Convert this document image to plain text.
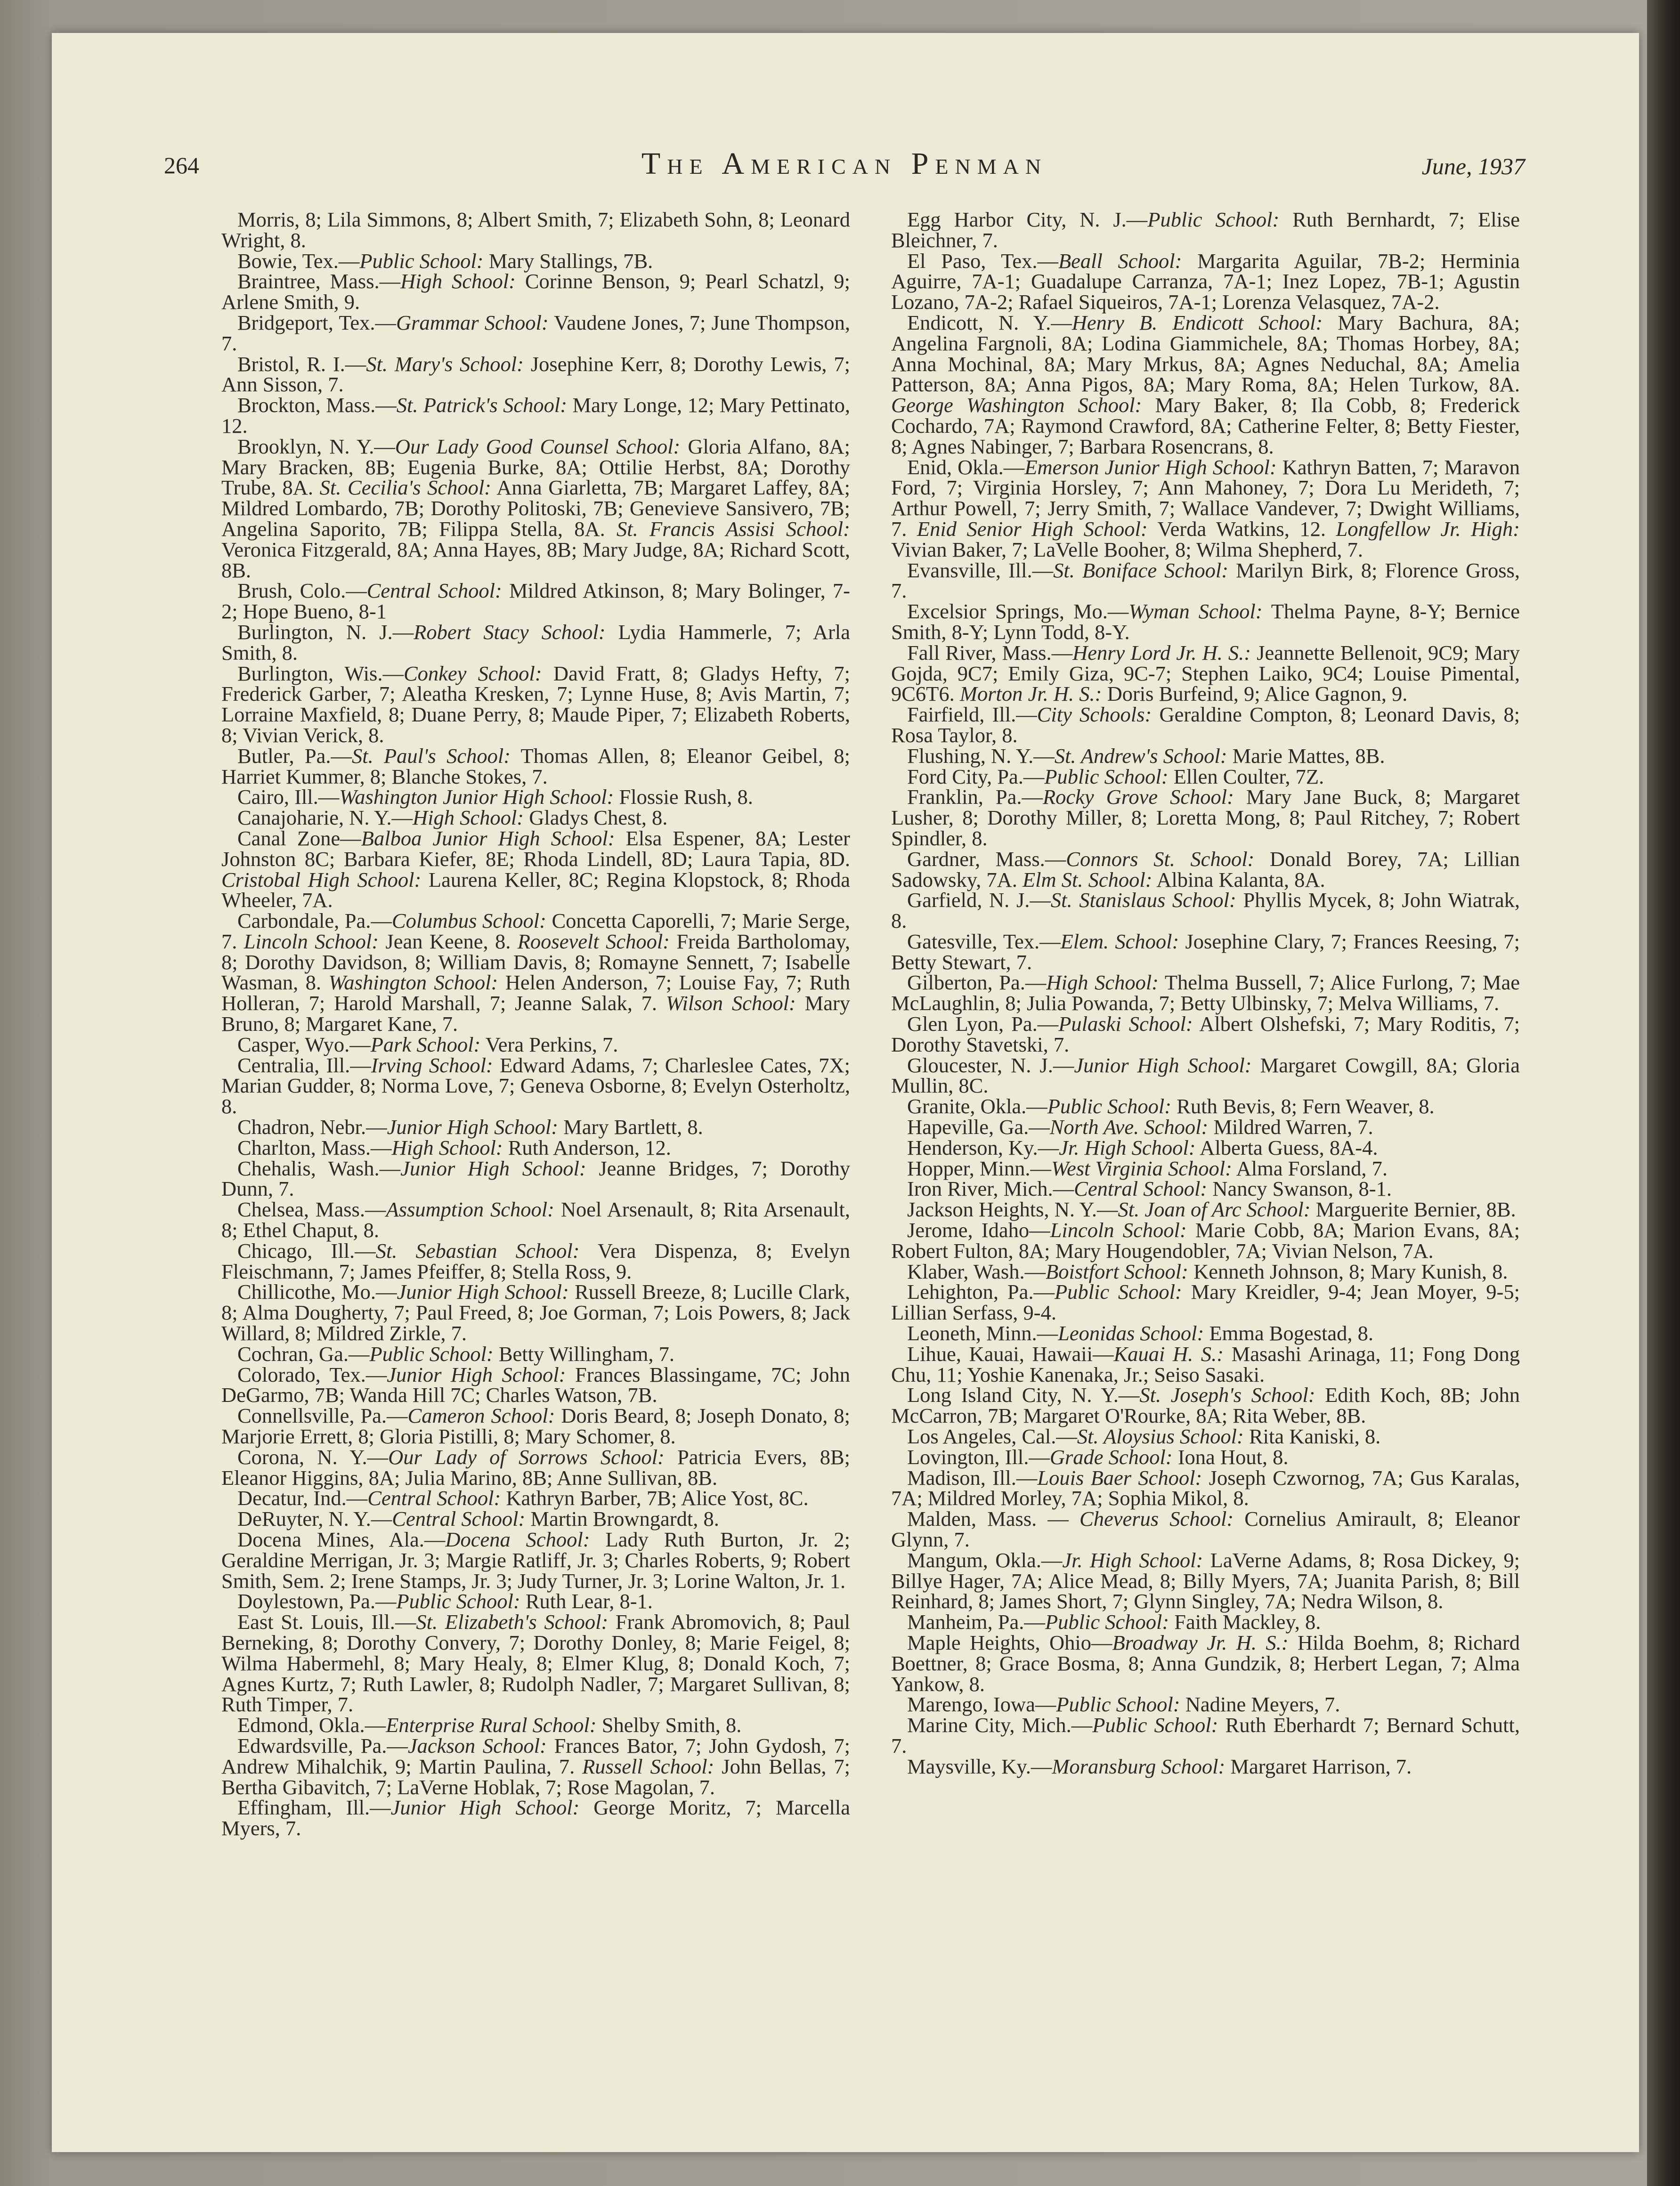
264	The American Penman	June, 1937

Morris, 8; Lila Simmons, 8; Albert Smith, 7; Elizabeth Sohn, 8; Leonard Wright, 8.

Bowie, Tex.—Public School: Mary Stallings, 7B.

Braintree, Mass.—High School: Corinne Benson, 9; Pearl Schatzl, 9; Arlene Smith, 9.

Bridgeport, Tex.—Grammar School: Vaudene Jones, 7; June Thompson, 7.

Bristol, R. I.—St. Mary's School: Josephine Kerr, 8; Dorothy Lewis, 7; Ann Sisson, 7.

Brockton, Mass.—St. Patrick's School: Mary Longe, 12; Mary Pettinato, 12.

Brooklyn, N. Y.—Our Lady Good Counsel School: Gloria Alfano, 8A; Mary Bracken, 8B; Eugenia Burke, 8A; Ottilie Herbst, 8A; Dorothy Trube, 8A. St. Cecilia's School: Anna Giarletta, 7B; Margaret Laffey, 8A; Mildred Lombardo, 7B; Dorothy Politoski, 7B; Genevieve Sansivero, 7B; Angelina Saporito, 7B; Filippa Stella, 8A. St. Francis Assisi School: Veronica Fitzgerald, 8A; Anna Hayes, 8B; Mary Judge, 8A; Richard Scott, 8B.

Brush, Colo.—Central School: Mildred Atkinson, 8; Mary Bolinger, 7-2; Hope Bueno, 8-1

Burlington, N. J.—Robert Stacy School: Lydia Hammerle, 7; Arla Smith, 8.

Burlington, Wis.—Conkey School: David Fratt, 8; Gladys Hefty, 7; Frederick Garber, 7; Aleatha Kresken, 7; Lynne Huse, 8; Avis Martin, 7; Lorraine Maxfield, 8; Duane Perry, 8; Maude Piper, 7; Elizabeth Roberts, 8; Vivian Verick, 8.

Butler, Pa.—St. Paul's School: Thomas Allen, 8; Eleanor Geibel, 8; Harriet Kummer, 8; Blanche Stokes, 7.

Cairo, Ill.—Washington Junior High School: Flossie Rush, 8.

Canajoharie, N. Y.—High School: Gladys Chest, 8.

Canal Zone—Balboa Junior High School: Elsa Espener, 8A; Lester Johnston 8C; Barbara Kiefer, 8E; Rhoda Lindell, 8D; Laura Tapia, 8D. Cristobal High School: Laurena Keller, 8C; Regina Klopstock, 8; Rhoda Wheeler, 7A.

Carbondale, Pa.—Columbus School: Concetta Caporelli, 7; Marie Serge, 7. Lincoln School: Jean Keene, 8. Roosevelt School: Freida Bartholomay, 8; Dorothy Davidson, 8; William Davis, 8; Romayne Sennett, 7; Isabelle Wasman, 8. Washington School: Helen Anderson, 7; Louise Fay, 7; Ruth Holleran, 7; Harold Marshall, 7; Jeanne Salak, 7. Wilson School: Mary Bruno, 8; Margaret Kane, 7.

Casper, Wyo.—Park School: Vera Perkins, 7.

Centralia, Ill.—Irving School: Edward Adams, 7; Charleslee Cates, 7X; Marian Gudder, 8; Norma Love, 7; Geneva Osborne, 8; Evelyn Osterholtz, 8.

Chadron, Nebr.—Junior High School: Mary Bartlett, 8.

Charlton, Mass.—High School: Ruth Anderson, 12.

Chehalis, Wash.—Junior High School: Jeanne Bridges, 7; Dorothy Dunn, 7.

Chelsea, Mass.—Assumption School: Noel Arsenault, 8; Rita Arsenault, 8; Ethel Chaput, 8.

Chicago, Ill.—St. Sebastian School: Vera Dispenza, 8; Evelyn Fleischmann, 7; James Pfeiffer, 8; Stella Ross, 9.

Chillicothe, Mo.—Junior High School: Russell Breeze, 8; Lucille Clark, 8; Alma Dougherty, 7; Paul Freed, 8; Joe Gorman, 7; Lois Powers, 8; Jack Willard, 8; Mildred Zirkle, 7.

Cochran, Ga.—Public School: Betty Willingham, 7.

Colorado, Tex.—Junior High School: Frances Blassingame, 7C; John DeGarmo, 7B; Wanda Hill 7C; Charles Watson, 7B.

Connellsville, Pa.—Cameron School: Doris Beard, 8; Joseph Donato, 8; Marjorie Errett, 8; Gloria Pistilli, 8; Mary Schomer, 8.

Corona, N. Y.—Our Lady of Sorrows School: Patricia Evers, 8B; Eleanor Higgins, 8A; Julia Marino, 8B; Anne Sullivan, 8B.

Decatur, Ind.—Central School: Kathryn Barber, 7B; Alice Yost, 8C.

DeRuyter, N. Y.—Central School: Martin Browngardt, 8.

Docena Mines, Ala.—Docena School: Lady Ruth Burton, Jr. 2; Geraldine Merrigan, Jr. 3; Margie Ratliff, Jr. 3; Charles Roberts, 9; Robert Smith, Sem. 2; Irene Stamps, Jr. 3; Judy Turner, Jr. 3; Lorine Walton, Jr. 1.

Doylestown, Pa.—Public School: Ruth Lear, 8-1.

East St. Louis, Ill.—St. Elizabeth's School: Frank Abromovich, 8; Paul Berneking, 8; Dorothy Convery, 7; Dorothy Donley, 8; Marie Feigel, 8; Wilma Habermehl, 8; Mary Healy, 8; Elmer Klug, 8; Donald Koch, 7; Agnes Kurtz, 7; Ruth Lawler, 8; Rudolph Nadler, 7; Margaret Sullivan, 8; Ruth Timper, 7.

Edmond, Okla.—Enterprise Rural School: Shelby Smith, 8.

Edwardsville, Pa.—Jackson School: Frances Bator, 7; John Gydosh, 7; Andrew Mihalchik, 9; Martin Paulina, 7. Russell School: John Bellas, 7; Bertha Gibavitch, 7; LaVerne Hoblak, 7; Rose Magolan, 7.

Effingham, Ill.—Junior High School: George Moritz, 7; Marcella Myers, 7.

Egg Harbor City, N. J.—Public School: Ruth Bernhardt, 7; Elise Bleichner, 7.

El Paso, Tex.—Beall School: Margarita Aguilar, 7B-2; Herminia Aguirre, 7A-1; Guadalupe Carranza, 7A-1; Inez Lopez, 7B-1; Agustin Lozano, 7A-2; Rafael Siqueiros, 7A-1; Lorenza Velasquez, 7A-2.

Endicott, N. Y.—Henry B. Endicott School: Mary Bachura, 8A; Angelina Fargnoli, 8A; Lodina Giammichele, 8A; Thomas Horbey, 8A; Anna Mochinal, 8A; Mary Mrkus, 8A; Agnes Neduchal, 8A; Amelia Patterson, 8A; Anna Pigos, 8A; Mary Roma, 8A; Helen Turkow, 8A. George Washington School: Mary Baker, 8; Ila Cobb, 8; Frederick Cochardo, 7A; Raymond Crawford, 8A; Catherine Felter, 8; Betty Fiester, 8; Agnes Nabinger, 7; Barbara Rosencrans, 8.

Enid, Okla.—Emerson Junior High School: Kathryn Batten, 7; Maravon Ford, 7; Virginia Horsley, 7; Ann Mahoney, 7; Dora Lu Merideth, 7; Arthur Powell, 7; Jerry Smith, 7; Wallace Vandever, 7; Dwight Williams, 7. Enid Senior High School: Verda Watkins, 12. Longfellow Jr. High: Vivian Baker, 7; LaVelle Booher, 8; Wilma Shepherd, 7.

Evansville, Ill.—St. Boniface School: Marilyn Birk, 8; Florence Gross, 7.

Excelsior Springs, Mo.—Wyman School: Thelma Payne, 8-Y; Bernice Smith, 8-Y; Lynn Todd, 8-Y.

Fall River, Mass.—Henry Lord Jr. H. S.: Jeannette Bellenoit, 9C9; Mary Gojda, 9C7; Emily Giza, 9C-7; Stephen Laiko, 9C4; Louise Pimental, 9C6T6. Morton Jr. H. S.: Doris Burfeind, 9; Alice Gagnon, 9.

Fairfield, Ill.—City Schools: Geraldine Compton, 8; Leonard Davis, 8; Rosa Taylor, 8.

Flushing, N. Y.—St. Andrew's School: Marie Mattes, 8B.

Ford City, Pa.—Public School: Ellen Coulter, 7Z.

Franklin, Pa.—Rocky Grove School: Mary Jane Buck, 8; Margaret Lusher, 8; Dorothy Miller, 8; Loretta Mong, 8; Paul Ritchey, 7; Robert Spindler, 8.

Gardner, Mass.—Connors St. School: Donald Borey, 7A; Lillian Sadowsky, 7A. Elm St. School: Albina Kalanta, 8A.

Garfield, N. J.—St. Stanislaus School: Phyllis Mycek, 8; John Wiatrak, 8.

Gatesville, Tex.—Elem. School: Josephine Clary, 7; Frances Reesing, 7; Betty Stewart, 7.

Gilberton, Pa.—High School: Thelma Bussell, 7; Alice Furlong, 7; Mae McLaughlin, 8; Julia Powanda, 7; Betty Ulbinsky, 7; Melva Williams, 7.

Glen Lyon, Pa.—Pulaski School: Albert Olshefski, 7; Mary Roditis, 7; Dorothy Stavetski, 7.

Gloucester, N. J.—Junior High School: Margaret Cowgill, 8A; Gloria Mullin, 8C.

Granite, Okla.—Public School: Ruth Bevis, 8; Fern Weaver, 8.

Hapeville, Ga.—North Ave. School: Mildred Warren, 7.

Henderson, Ky.—Jr. High School: Alberta Guess, 8A-4.

Hopper, Minn.—West Virginia School: Alma Forsland, 7.

Iron River, Mich.—Central School: Nancy Swanson, 8-1.

Jackson Heights, N. Y.—St. Joan of Arc School: Marguerite Bernier, 8B.

Jerome, Idaho—Lincoln School: Marie Cobb, 8A; Marion Evans, 8A; Robert Fulton, 8A; Mary Hougendobler, 7A; Vivian Nelson, 7A.

Klaber, Wash.—Boistfort School: Kenneth Johnson, 8; Mary Kunish, 8.

Lehighton, Pa.—Public School: Mary Kreidler, 9-4; Jean Moyer, 9-5; Lillian Serfass, 9-4.

Leoneth, Minn.—Leonidas School: Emma Bogestad, 8.

Lihue, Kauai, Hawaii—Kauai H. S.: Masashi Arinaga, 11; Fong Dong Chu, 11; Yoshie Kanenaka, Jr.; Seiso Sasaki.

Long Island City, N. Y.—St. Joseph's School: Edith Koch, 8B; John McCarron, 7B; Margaret O'Rourke, 8A; Rita Weber, 8B.

Los Angeles, Cal.—St. Aloysius School: Rita Kaniski, 8.

Lovington, Ill.—Grade School: Iona Hout, 8.

Madison, Ill.—Louis Baer School: Joseph Czwornog, 7A; Gus Karalas, 7A; Mildred Morley, 7A; Sophia Mikol, 8.

Malden, Mass. — Cheverus School: Cornelius Amirault, 8; Eleanor Glynn, 7.

Mangum, Okla.—Jr. High School: LaVerne Adams, 8; Rosa Dickey, 9; Billye Hager, 7A; Alice Mead, 8; Billy Myers, 7A; Juanita Parish, 8; Bill Reinhard, 8; James Short, 7; Glynn Singley, 7A; Nedra Wilson, 8.

Manheim, Pa.—Public School: Faith Mackley, 8.

Maple Heights, Ohio—Broadway Jr. H. S.: Hilda Boehm, 8; Richard Boettner, 8; Grace Bosma, 8; Anna Gundzik, 8; Herbert Legan, 7; Alma Yankow, 8.

Marengo, Iowa—Public School: Nadine Meyers, 7.

Marine City, Mich.—Public School: Ruth Eberhardt 7; Bernard Schutt, 7.

Maysville, Ky.—Moransburg School: Margaret Harrison, 7.
